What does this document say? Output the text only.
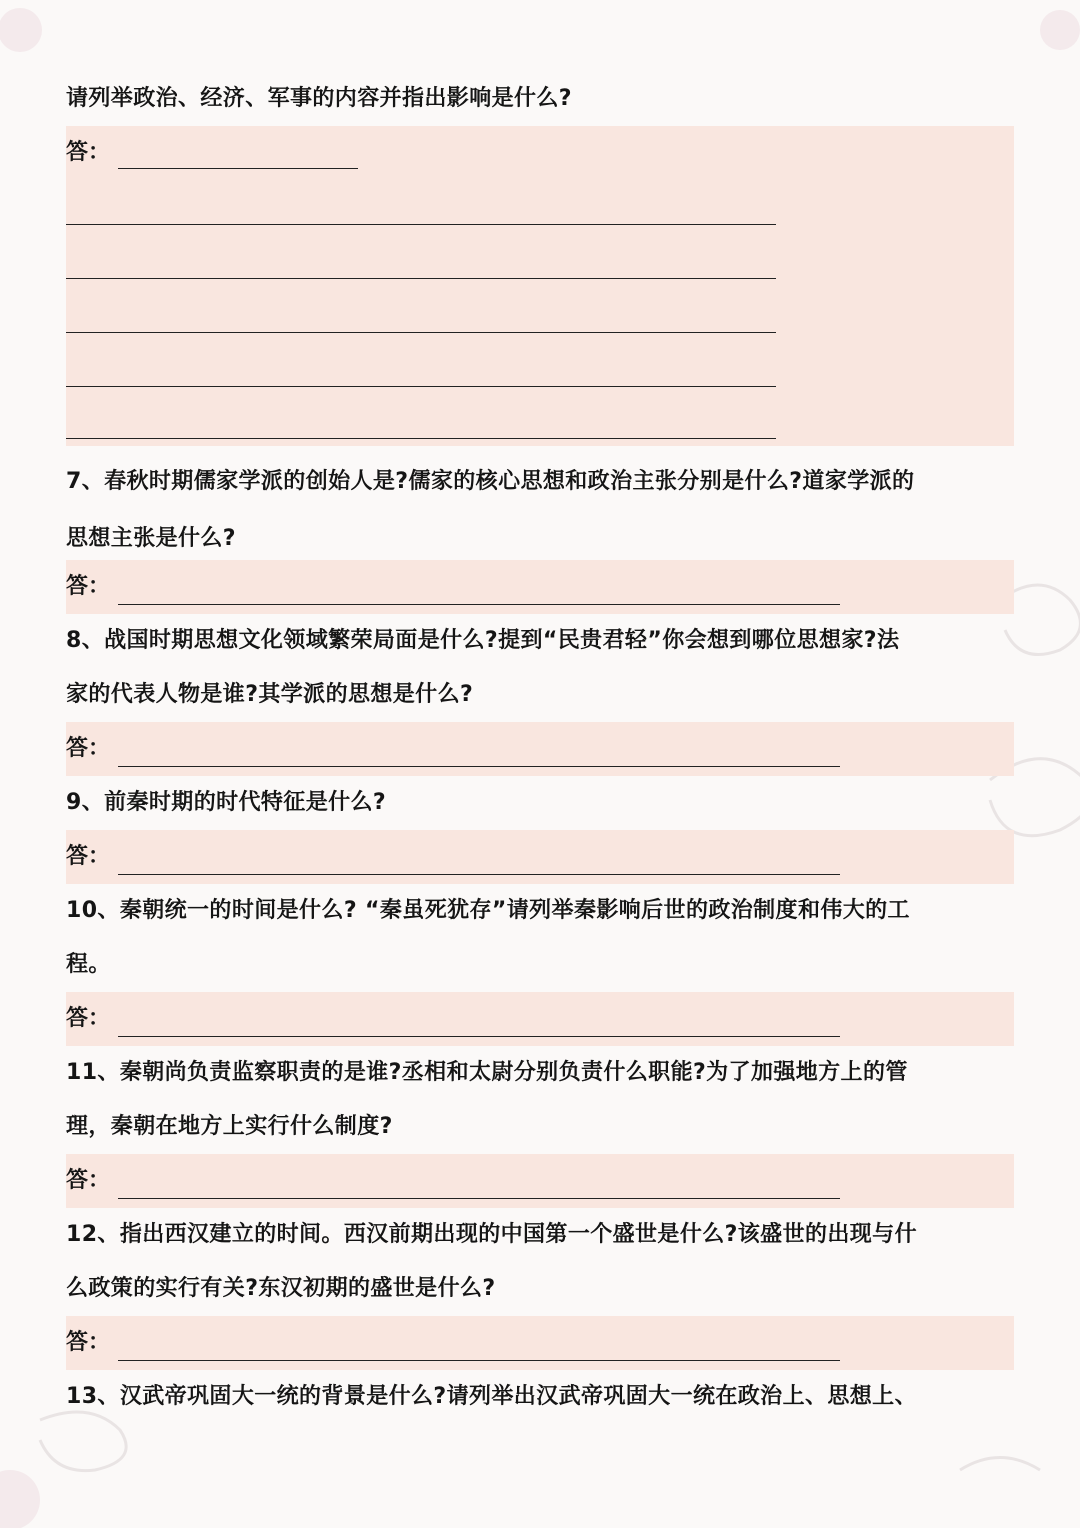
请列举政治、经济、军事的内容并指出影响是什么?
答：
7、春秋时期儒家学派的创始人是?儒家的核心思想和政治主张分别是什么?道家学派的
思想主张是什么?
答：
8、战国时期思想文化领域繁荣局面是什么?提到“民贵君轻”你会想到哪位思想家?法
家的代表人物是谁?其学派的思想是什么?
答：
9、前秦时期的时代特征是什么?
答：
10、秦朝统一的时间是什么? “秦虽死犹存”请列举秦影响后世的政治制度和伟大的工
程。
答：
11、秦朝尚负责监察职责的是谁?丞相和太尉分别负责什么职能?为了加强地方上的管
理，秦朝在地方上实行什么制度?
答：
12、指出西汉建立的时间。西汉前期出现的中国第一个盛世是什么?该盛世的出现与什
么政策的实行有关?东汉初期的盛世是什么?
答：
13、汉武帝巩固大一统的背景是什么?请列举出汉武帝巩固大一统在政治上、思想上、
